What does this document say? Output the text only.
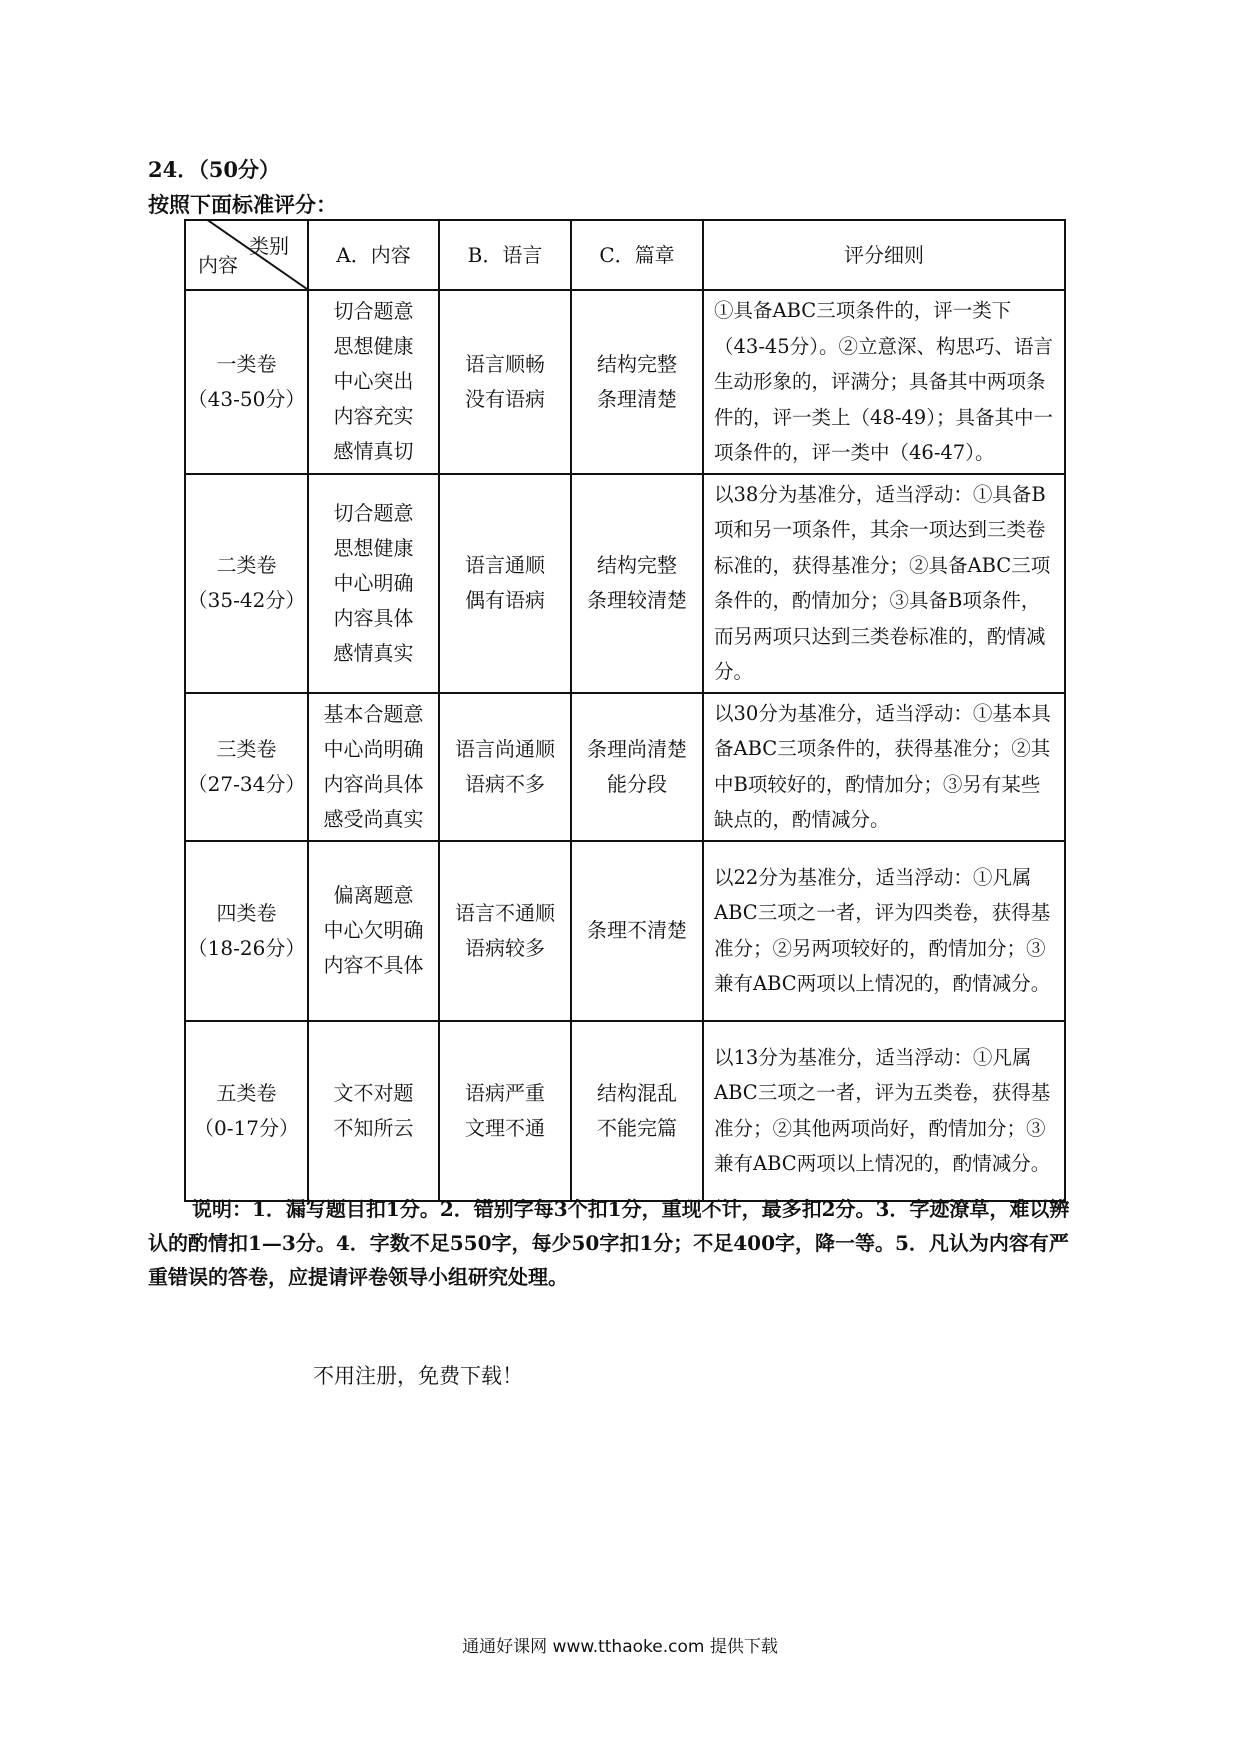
24．（50分）
按照下面标准评分：
类别
内容	A．内容	B．语言	C．篇章	评分细则
一类卷
（43-50分）	切合题意
思想健康
中心突出
内容充实
感情真切	语言顺畅
没有语病	结构完整
条理清楚	①具备ABC三项条件的，评一类下（43-45分）。②立意深、构思巧、语言生动形象的，评满分；具备其中两项条件的，评一类上（48-49）；具备其中一项条件的，评一类中（46-47）。
二类卷
（35-42分）	切合题意
思想健康
中心明确
内容具体
感情真实	语言通顺
偶有语病	结构完整
条理较清楚	以38分为基准分，适当浮动：①具备B项和另一项条件，其余一项达到三类卷标准的，获得基准分；②具备ABC三项条件的，酌情加分；③具备B项条件，而另两项只达到三类卷标准的，酌情减分。
三类卷
（27-34分）	基本合题意
中心尚明确
内容尚具体
感受尚真实	语言尚通顺
语病不多	条理尚清楚
能分段	以30分为基准分，适当浮动：①基本具备ABC三项条件的，获得基准分；②其中B项较好的，酌情加分；③另有某些缺点的，酌情减分。
四类卷
（18-26分）	偏离题意
中心欠明确
内容不具体	语言不通顺
语病较多	条理不清楚	以22分为基准分，适当浮动：①凡属ABC三项之一者，评为四类卷，获得基准分；②另两项较好的，酌情加分；③兼有ABC两项以上情况的，酌情减分。
五类卷
（0-17分）	文不对题
不知所云	语病严重
文理不通	结构混乱
不能完篇	以13分为基准分，适当浮动：①凡属ABC三项之一者，评为五类卷，获得基准分；②其他两项尚好，酌情加分；③兼有ABC两项以上情况的，酌情减分。
说明：1．漏写题目扣1分。2．错别字每3个扣1分，重现不计，最多扣2分。3．字迹潦草，难以辨认的酌情扣1—3分。4．字数不足550字，每少50字扣1分；不足400字，降一等。5．凡认为内容有严重错误的答卷，应提请评卷领导小组研究处理。
不用注册，免费下载！
通通好课网 www.tthaoke.com 提供下载
